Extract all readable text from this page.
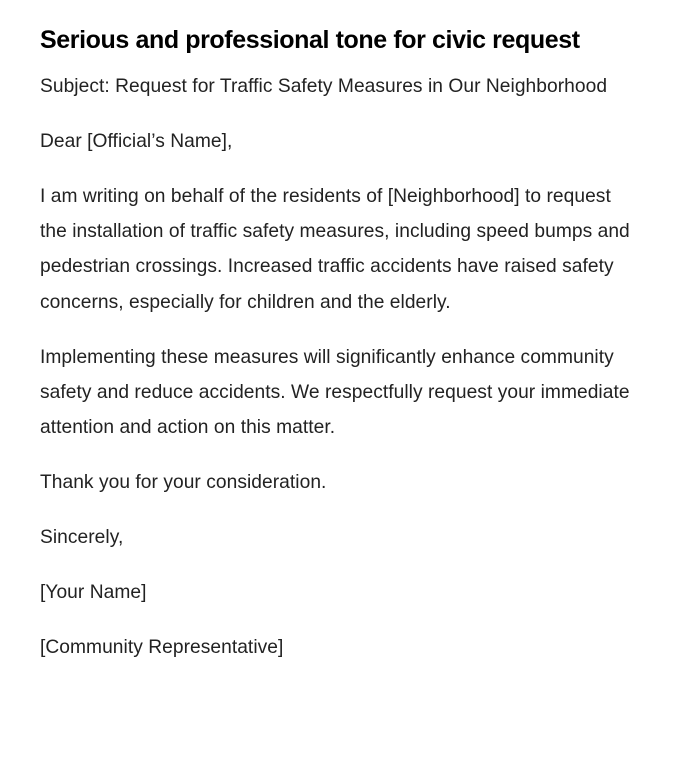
Serious and professional tone for civic request

Subject: Request for Traffic Safety Measures in Our Neighborhood

Dear [Official’s Name],

I am writing on behalf of the residents of [Neighborhood] to request the installation of traffic safety measures, including speed bumps and pedestrian crossings. Increased traffic accidents have raised safety concerns, especially for children and the elderly.

Implementing these measures will significantly enhance community safety and reduce accidents. We respectfully request your immediate attention and action on this matter.

Thank you for your consideration.

Sincerely,

[Your Name]

[Community Representative]
